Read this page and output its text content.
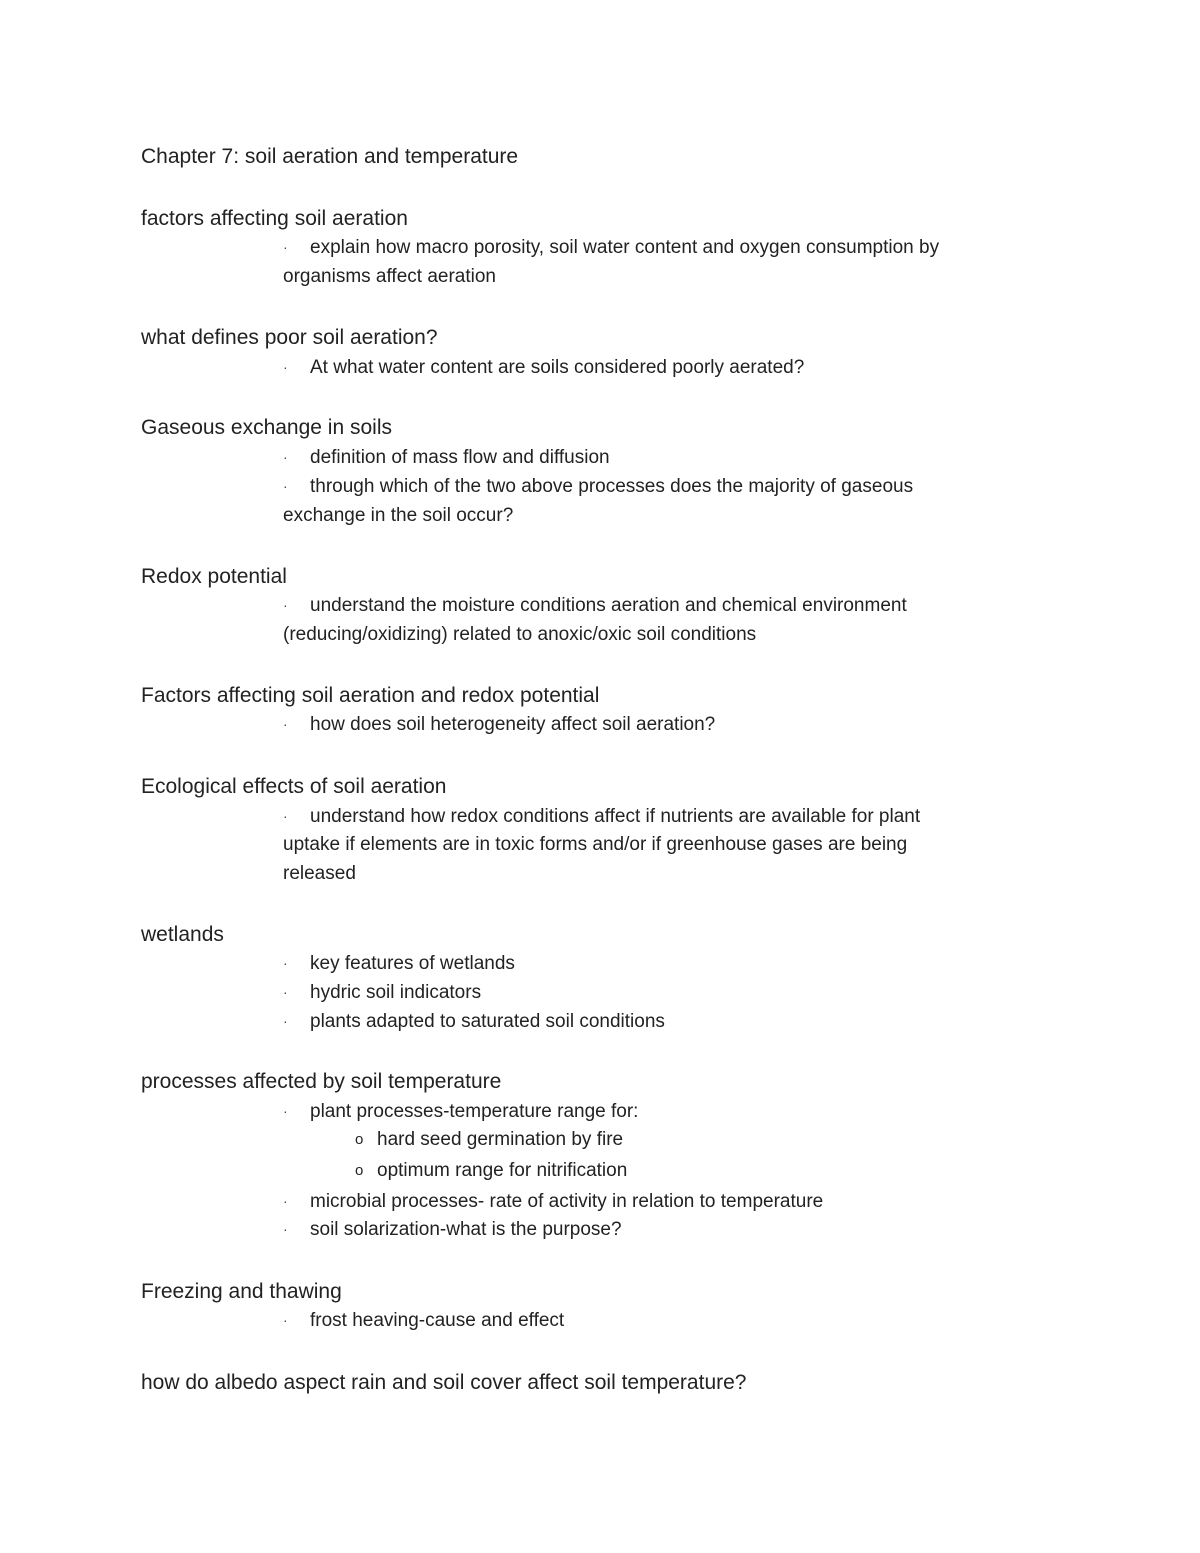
Chapter 7: soil aeration and temperature
factors affecting soil aeration
· explain how macro porosity, soil water content and oxygen consumption by
organisms affect aeration
what defines poor soil aeration?
· At what water content are soils considered poorly aerated?
Gaseous exchange in soils
· definition of mass flow and diffusion
· through which of the two above processes does the majority of gaseous
exchange in the soil occur?
Redox potential
· understand the moisture conditions aeration and chemical environment
(reducing/oxidizing) related to anoxic/oxic soil conditions
Factors affecting soil aeration and redox potential
· how does soil heterogeneity affect soil aeration?
Ecological effects of soil aeration
· understand how redox conditions affect if nutrients are available for plant
uptake if elements are in toxic forms and/or if greenhouse gases are being
released
wetlands
· key features of wetlands
· hydric soil indicators
· plants adapted to saturated soil conditions
processes affected by soil temperature
· plant processes-temperature range for:
o hard seed germination by fire
o optimum range for nitrification
· microbial processes- rate of activity in relation to temperature
· soil solarization-what is the purpose?
Freezing and thawing
· frost heaving-cause and effect
how do albedo aspect rain and soil cover affect soil temperature?
